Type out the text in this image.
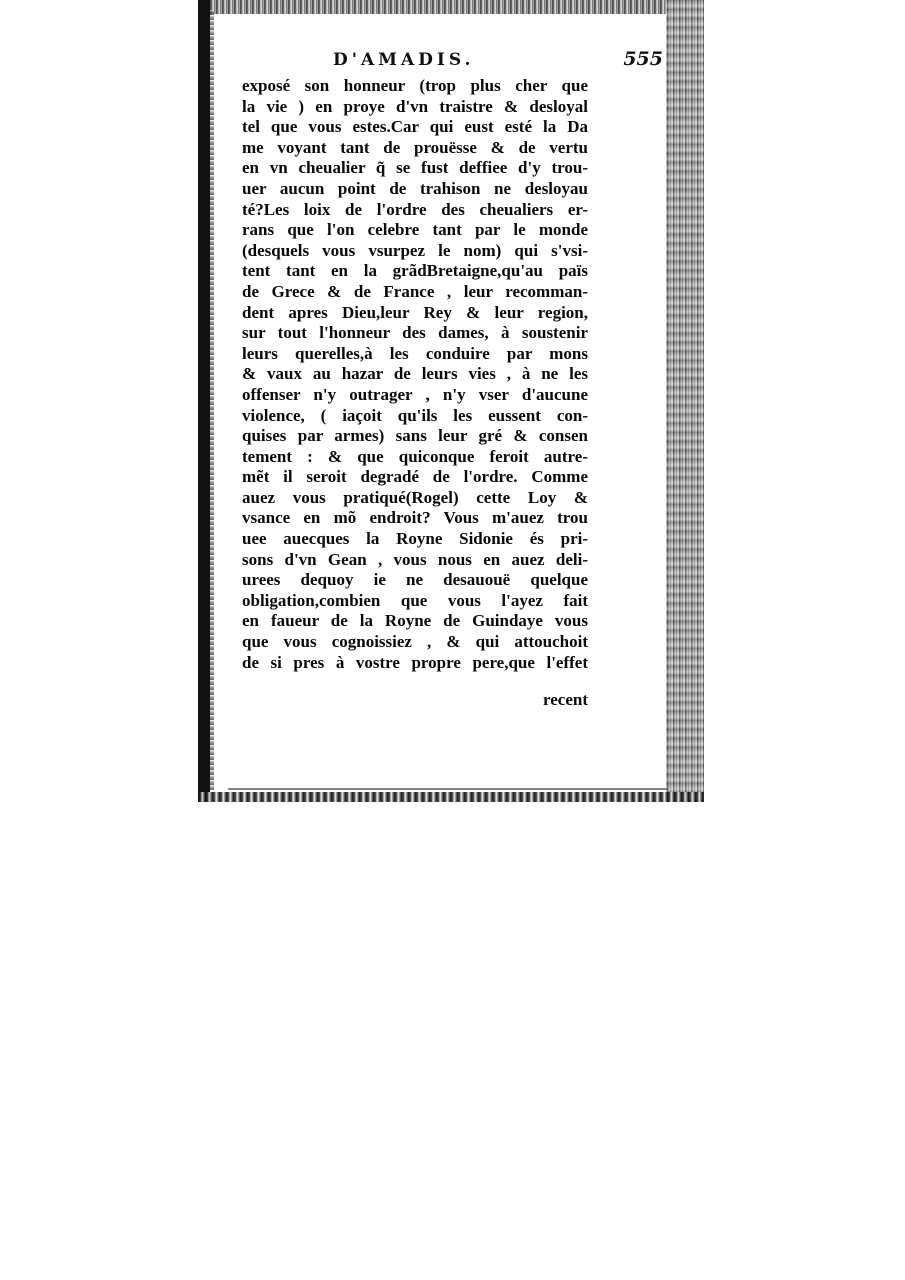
D'AMADIS.	555
exposé son honneur (trop plus cher que
la vie ) en proye d'vn traistre & desloyal
tel que vous estes.Car qui eust esté la Da
me voyant tant de prouësse & de vertu
en vn cheualier q̃ se fust deffiee d'y trou-
uer aucun point de trahison ne desloyau
té?Les loix de l'ordre des cheualiers er-
rans que l'on celebre tant par le monde
(desquels vous vsurpez le nom) qui s'vsi-
tent tant en la grãdBretaigne,qu'au païs
de Grece & de France , leur recomman-
dent apres Dieu,leur Rey & leur region,
sur tout l'honneur des dames, à soustenir
leurs querelles,à les conduire par mons
& vaux au hazar de leurs vies , à ne les
offenser n'y outrager , n'y vser d'aucune
violence, ( iaçoit qu'ils les eussent con-
quises par armes) sans leur gré & consen
tement : & que quiconque feroit autre-
mẽt il seroit degradé de l'ordre. Comme
auez vous pratiqué(Rogel) cette Loy &
vsance en mõ endroit? Vous m'auez trou
uee auecques la Royne Sidonie és pri-
sons d'vn Gean , vous nous en auez deli-
urees dequoy ie ne desauouë quelque
obligation,combien que vous l'ayez fait
en faueur de la Royne de Guindaye vous
que vous cognoissiez , & qui attouchoit
de si pres à vostre propre pere,que l'effet
recent
